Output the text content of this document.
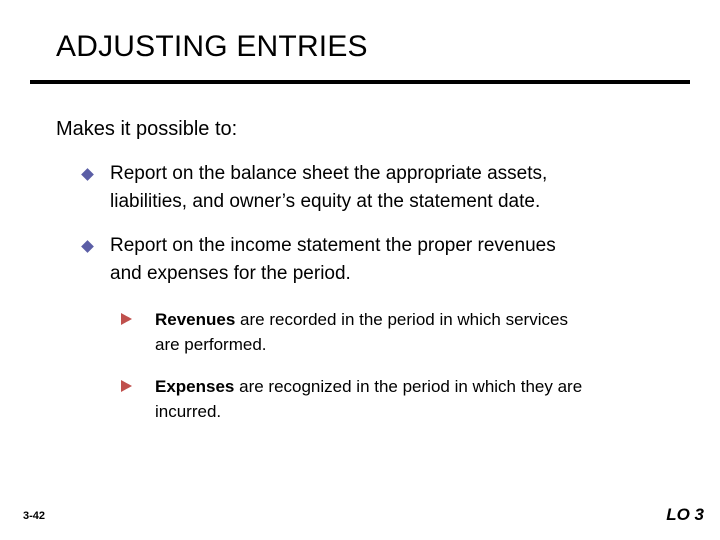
ADJUSTING ENTRIES
Makes it possible to:
Report on the balance sheet the appropriate assets,
liabilities, and owner’s equity at the statement date.
Report on the income statement the proper revenues
and expenses for the period.
Revenues are recorded in the period in which services
are performed.
Expenses are recognized in the period in which they are
incurred.
3-42	LO 3
